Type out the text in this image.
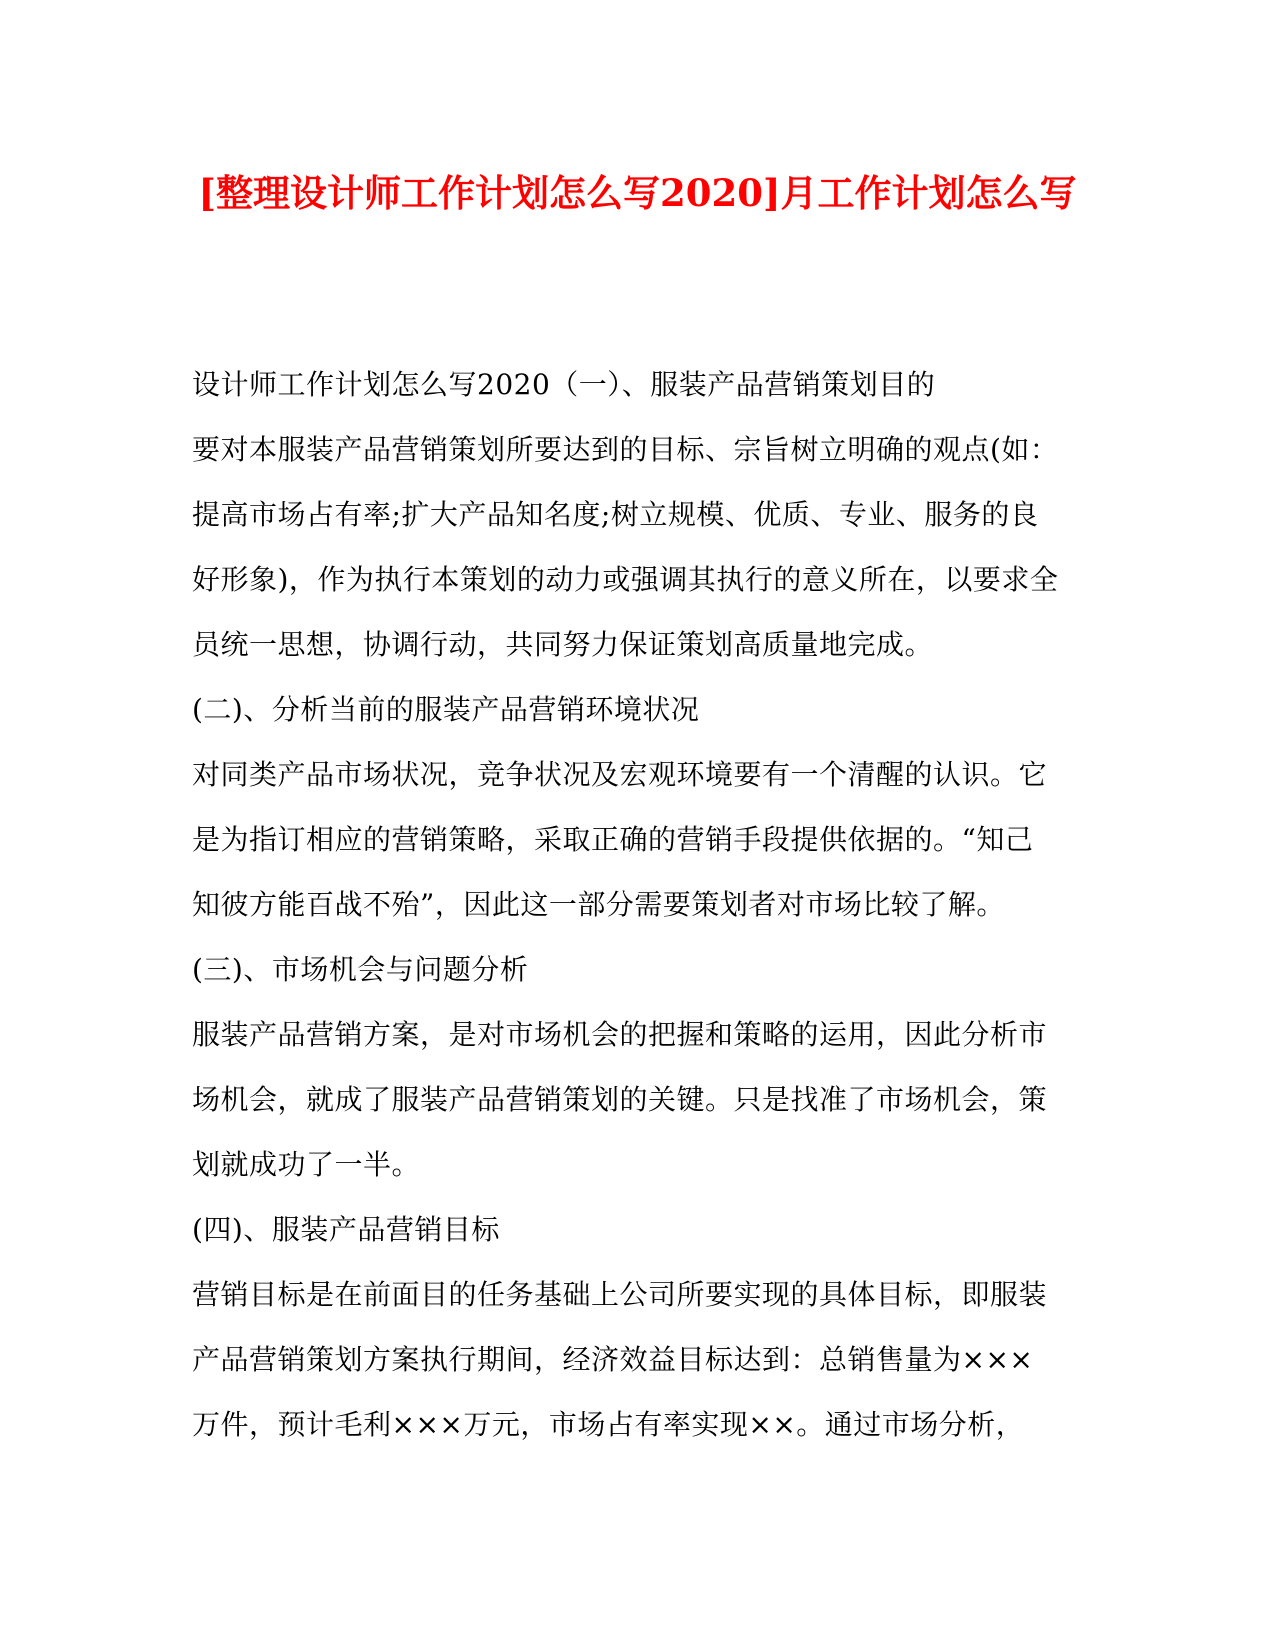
[整理设计师工作计划怎么写2020]月工作计划怎么写
设计师工作计划怎么写2020（一）、服装产品营销策划目的
要对本服装产品营销策划所要达到的目标、宗旨树立明确的观点(如：
提高市场占有率;扩大产品知名度;树立规模、优质、专业、服务的良
好形象)，作为执行本策划的动力或强调其执行的意义所在，以要求全
员统一思想，协调行动，共同努力保证策划高质量地完成。
(二)、分析当前的服装产品营销环境状况
对同类产品市场状况，竞争状况及宏观环境要有一个清醒的认识。它
是为指订相应的营销策略，采取正确的营销手段提供依据的。“知己
知彼方能百战不殆”，因此这一部分需要策划者对市场比较了解。
(三)、市场机会与问题分析
服装产品营销方案，是对市场机会的把握和策略的运用，因此分析市
场机会，就成了服装产品营销策划的关键。只是找准了市场机会，策
划就成功了一半。
(四)、服装产品营销目标
营销目标是在前面目的任务基础上公司所要实现的具体目标，即服装
产品营销策划方案执行期间，经济效益目标达到：总销售量为×××
万件，预计毛利×××万元，市场占有率实现××。通过市场分析，
